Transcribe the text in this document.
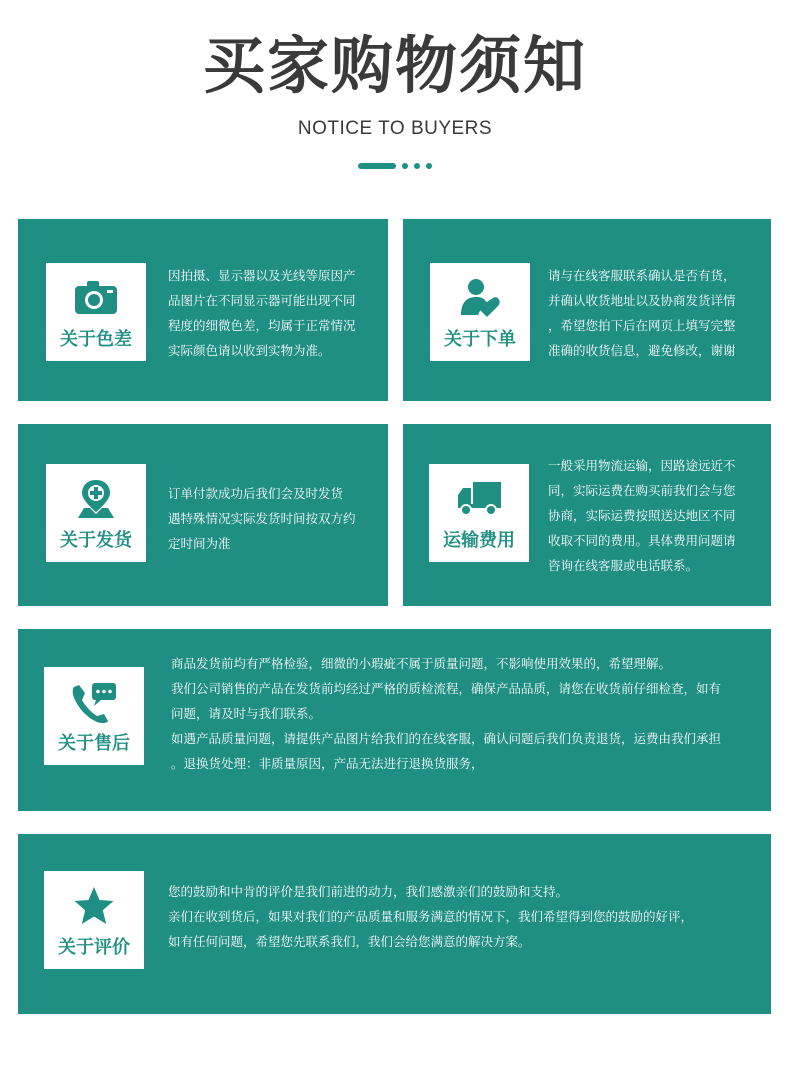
买家购物须知
NOTICE TO BUYERS
关于色差
因拍摄、显示器以及光线等原因产
品图片在不同显示器可能出现不同
程度的细微色差，均属于正常情况
实际颜色请以收到实物为准。
关于下单
请与在线客服联系确认是否有货，
并确认收货地址以及协商发货详情
，希望您拍下后在网页上填写完整
准确的收货信息，避免修改，谢谢
关于发货
订单付款成功后我们会及时发货
遇特殊情况实际发货时间按双方约
定时间为准	运输费用
一般采用物流运输，因路途远近不
同，实际运费在购买前我们会与您
协商，实际运费按照送达地区不同
收取不同的费用。具体费用问题请
咨询在线客服或电话联系。
关于售后
商品发货前均有严格检验，细微的小瑕疵不属于质量问题，不影响使用效果的，希望理解。
我们公司销售的产品在发货前均经过严格的质检流程，确保产品品质，请您在收货前仔细检查，如有
问题，请及时与我们联系。
如遇产品质量问题，请提供产品图片给我们的在线客服，确认问题后我们负责退货，运费由我们承担
。退换货处理：非质量原因，产品无法进行退换货服务，
关于评价
您的鼓励和中肯的评价是我们前进的动力，我们感激亲们的鼓励和支持。
亲们在收到货后，如果对我们的产品质量和服务满意的情况下，我们希望得到您的鼓励的好评，
如有任何问题，希望您先联系我们，我们会给您满意的解决方案。
